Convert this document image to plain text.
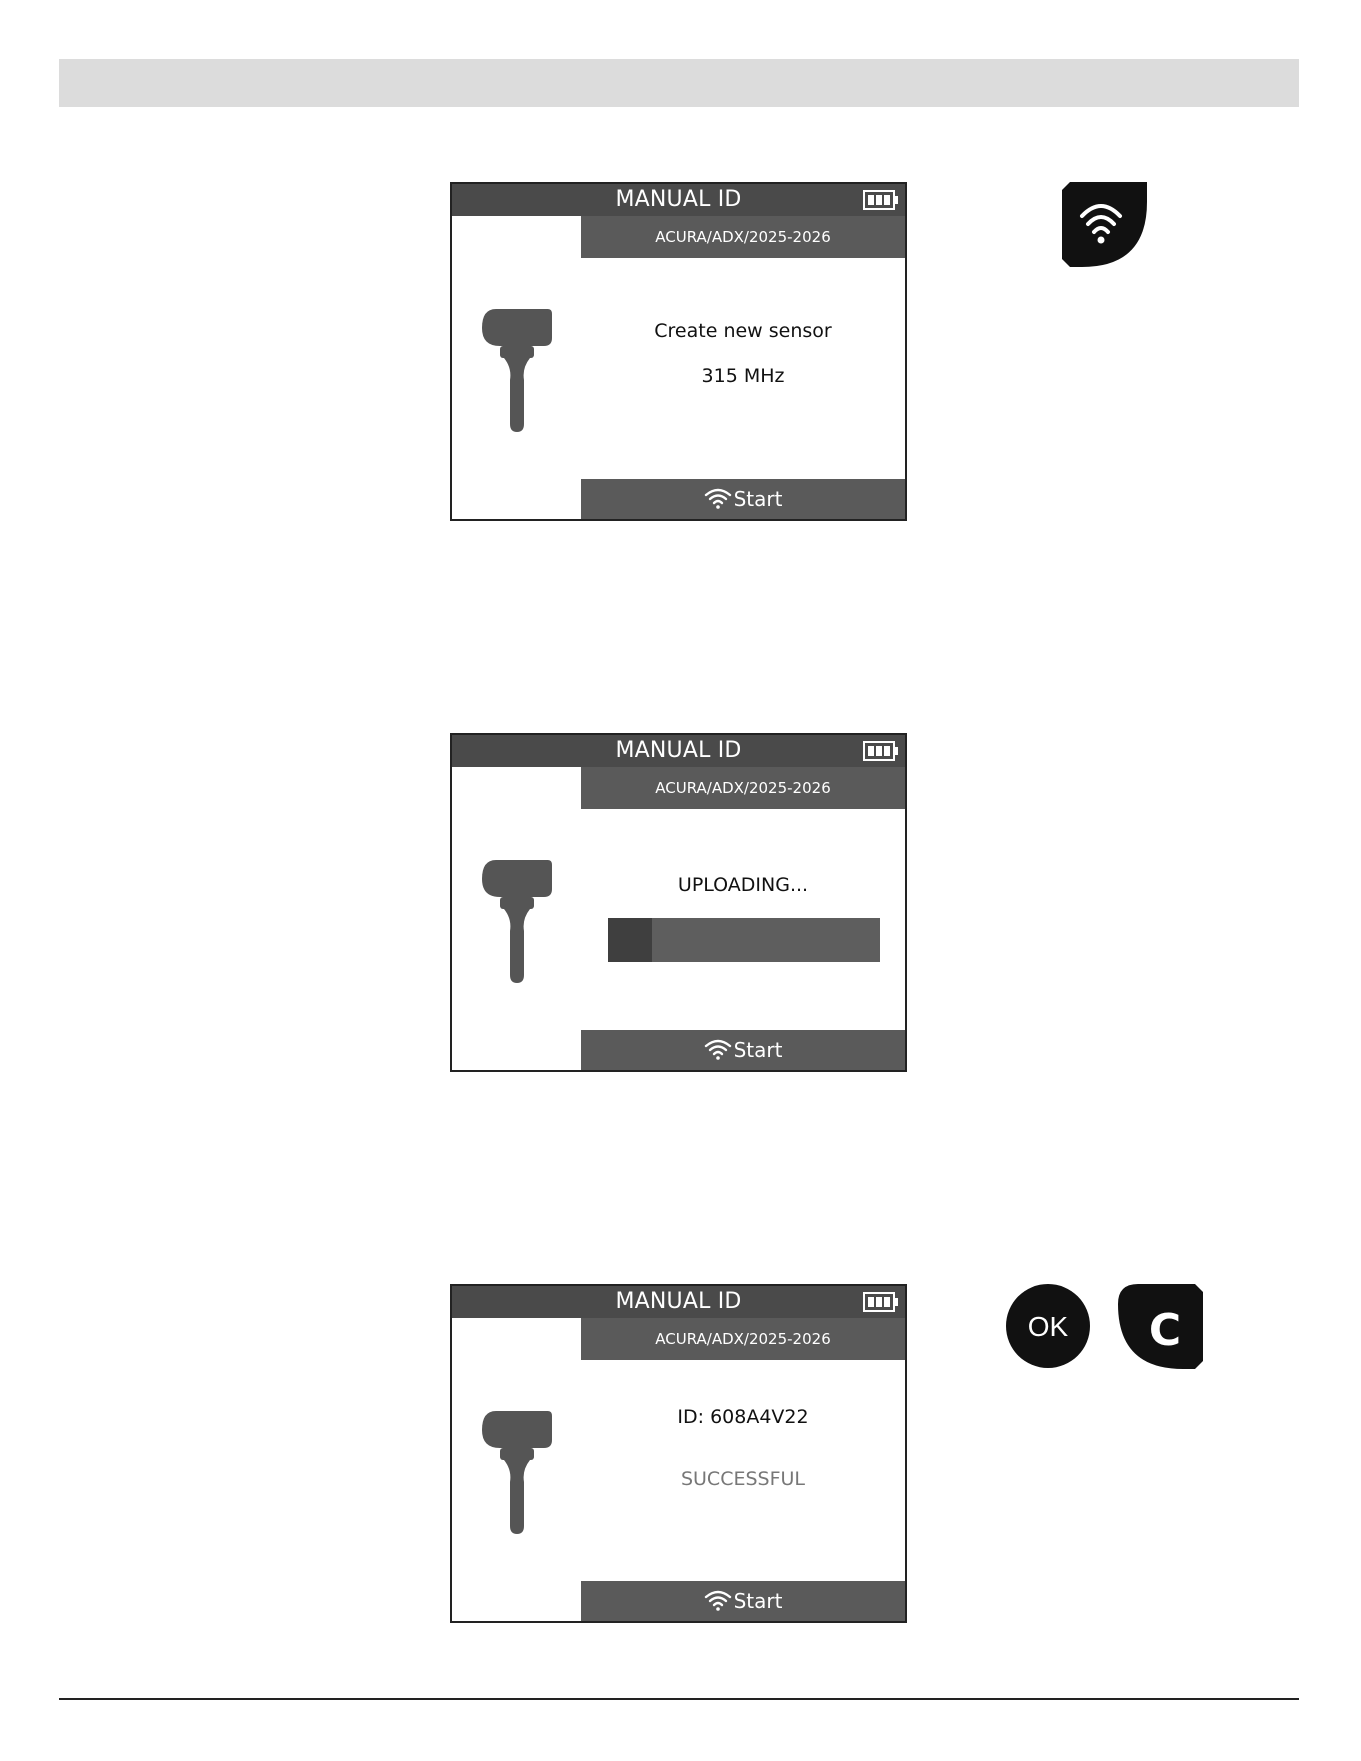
MANUAL ID
ACURA/ADX/2025-2026
Create new sensor
315 MHz
Start
MANUAL ID
ACURA/ADX/2025-2026
UPLOADING...
Start
MANUAL ID
ACURA/ADX/2025-2026
ID: 608A4V22
SUCCESSFUL
Start
OK C
